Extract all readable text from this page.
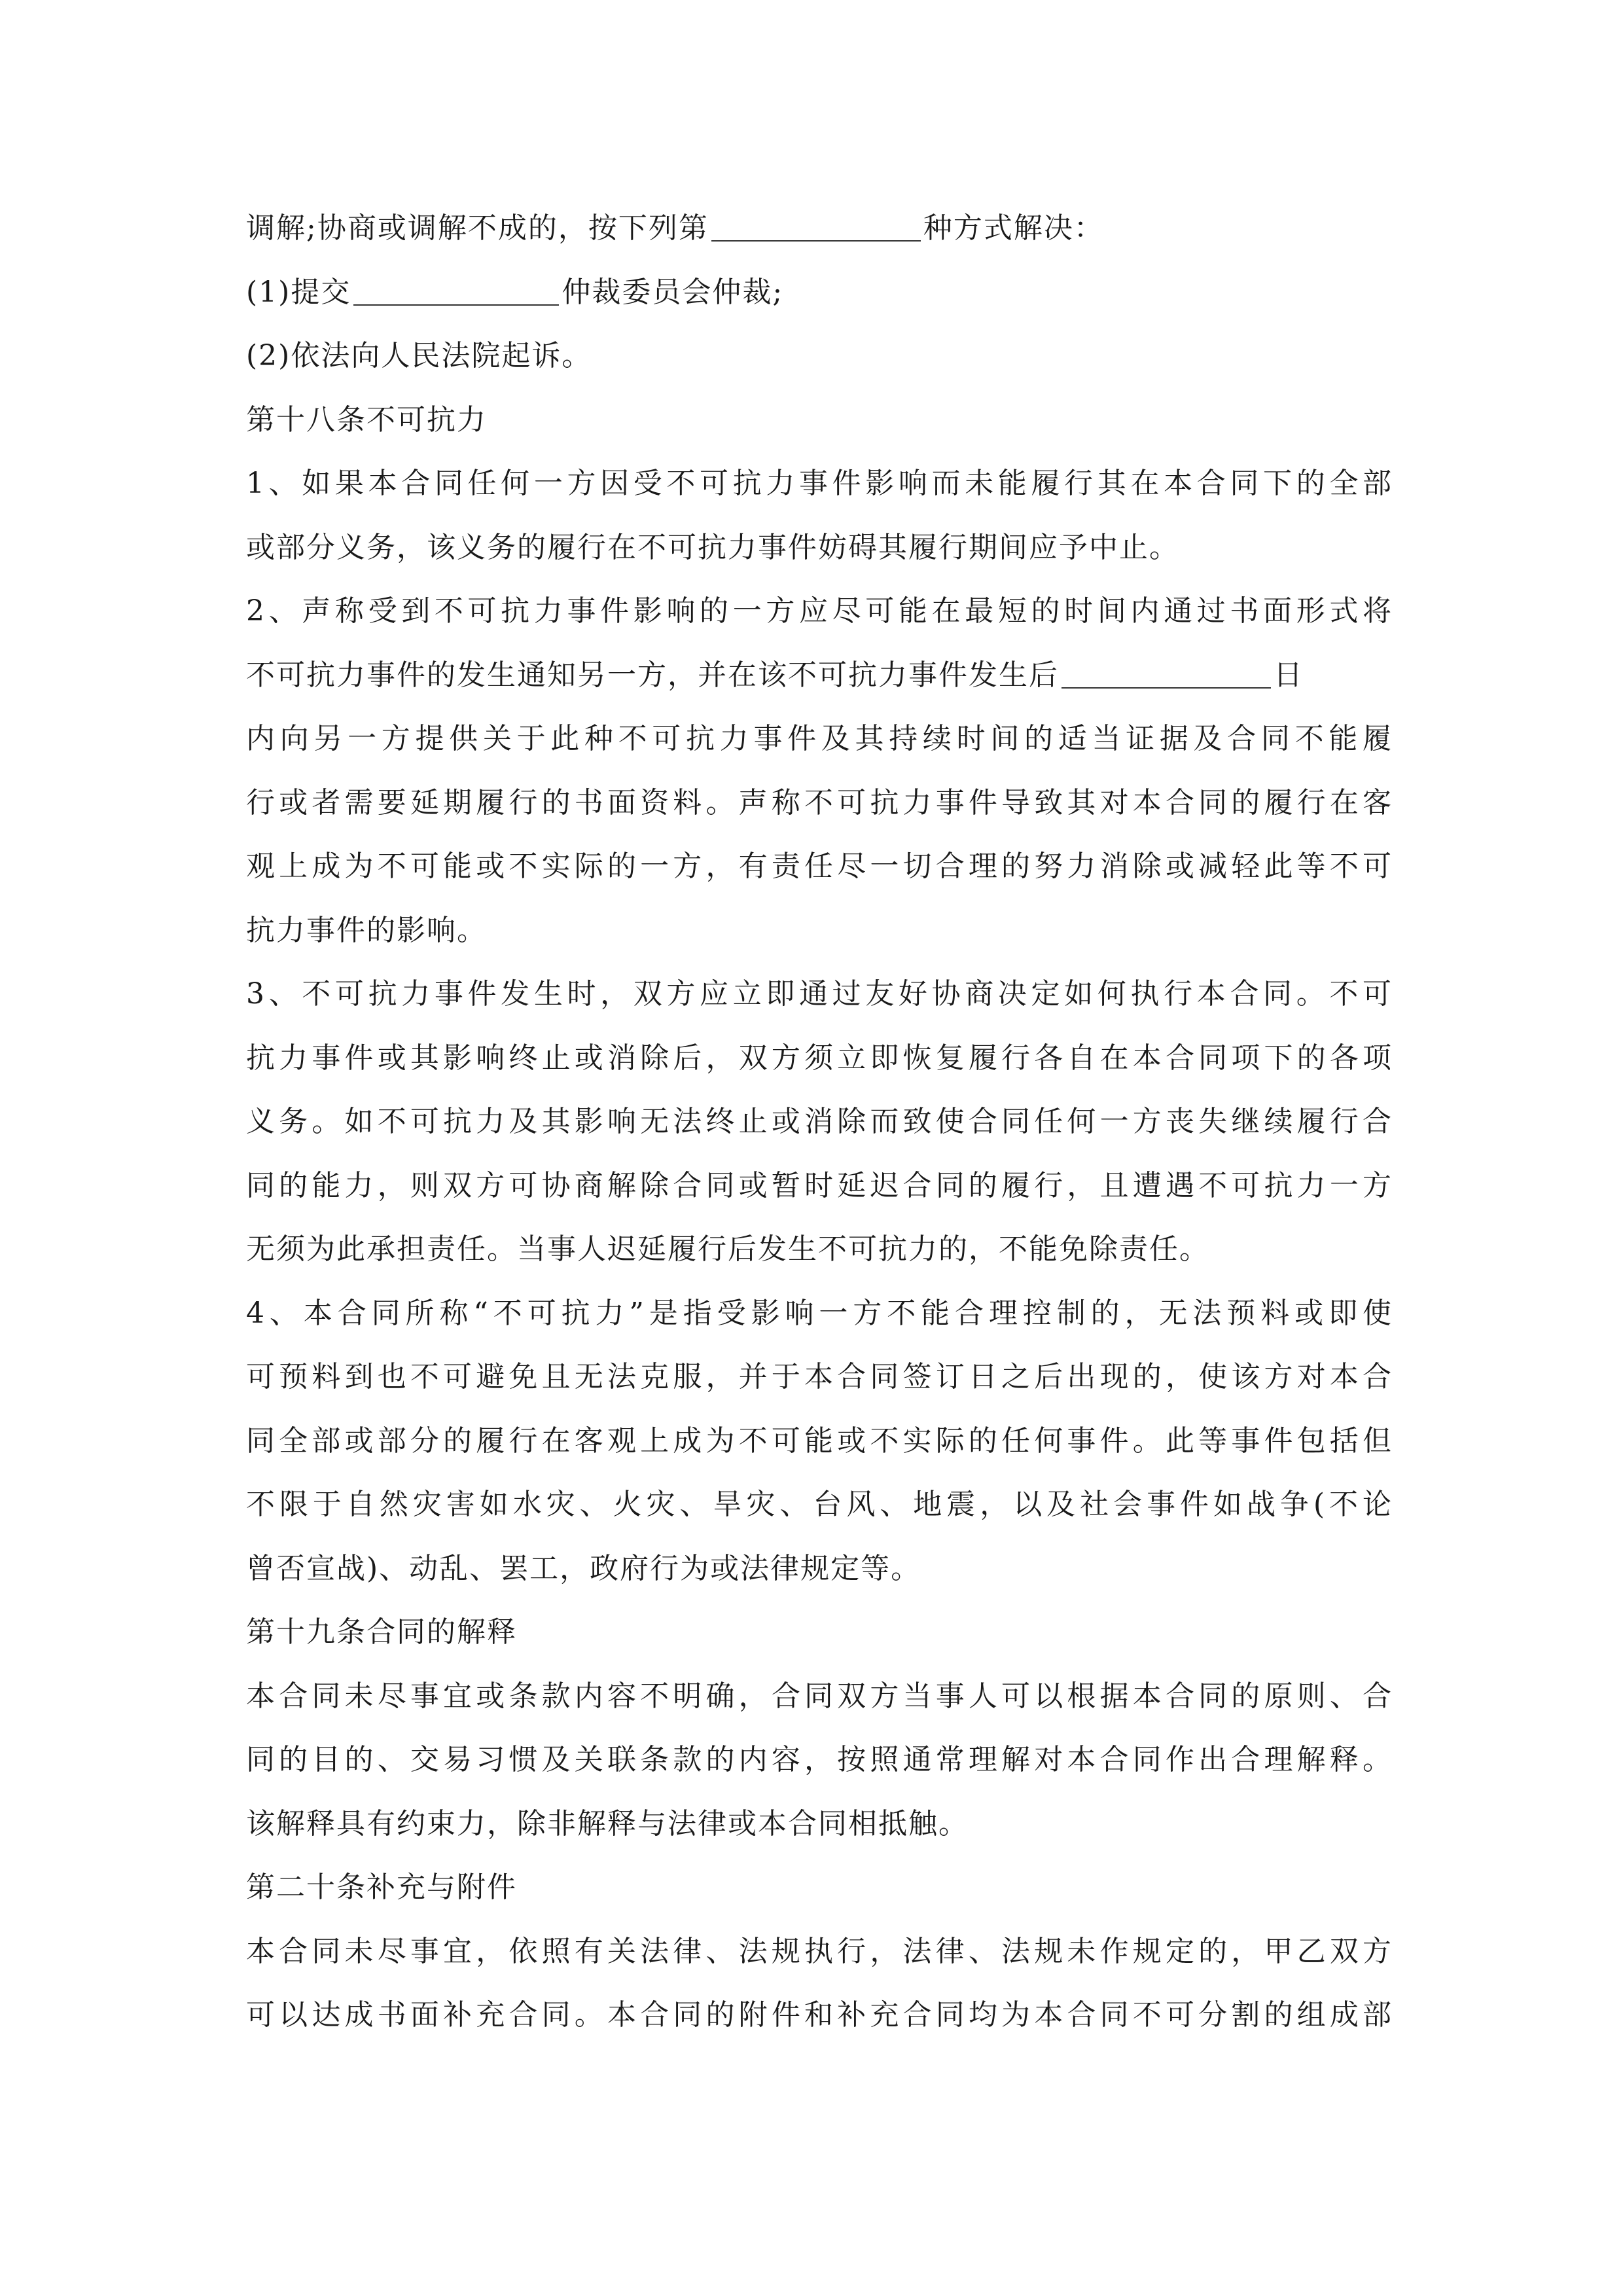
调解;协商或调解不成的，按下列第	种方式解决：
(1)提交	仲裁委员会仲裁;
(2)依法向人民法院起诉。
第十八条不可抗力
1、如果本合同任何一方因受不可抗力事件影响而未能履行其在本合同下的全部
或部分义务，该义务的履行在不可抗力事件妨碍其履行期间应予中止。
2、声称受到不可抗力事件影响的一方应尽可能在最短的时间内通过书面形式将
不可抗力事件的发生通知另一方，并在该不可抗力事件发生后	日
内向另一方提供关于此种不可抗力事件及其持续时间的适当证据及合同不能履
行或者需要延期履行的书面资料。声称不可抗力事件导致其对本合同的履行在客
观上成为不可能或不实际的一方，有责任尽一切合理的努力消除或减轻此等不可
抗力事件的影响。
3、不可抗力事件发生时，双方应立即通过友好协商决定如何执行本合同。不可
抗力事件或其影响终止或消除后，双方须立即恢复履行各自在本合同项下的各项
义务。如不可抗力及其影响无法终止或消除而致使合同任何一方丧失继续履行合
同的能力，则双方可协商解除合同或暂时延迟合同的履行，且遭遇不可抗力一方
无须为此承担责任。当事人迟延履行后发生不可抗力的，不能免除责任。
4、本合同所称“不可抗力”是指受影响一方不能合理控制的，无法预料或即使
可预料到也不可避免且无法克服，并于本合同签订日之后出现的，使该方对本合
同全部或部分的履行在客观上成为不可能或不实际的任何事件。此等事件包括但
不限于自然灾害如水灾、火灾、旱灾、台风、地震，以及社会事件如战争(不论
曾否宣战)、动乱、罢工，政府行为或法律规定等。
第十九条合同的解释
本合同未尽事宜或条款内容不明确，合同双方当事人可以根据本合同的原则、合
同的目的、交易习惯及关联条款的内容，按照通常理解对本合同作出合理解释。
该解释具有约束力，除非解释与法律或本合同相抵触。
第二十条补充与附件
本合同未尽事宜，依照有关法律、法规执行，法律、法规未作规定的，甲乙双方
可以达成书面补充合同。本合同的附件和补充合同均为本合同不可分割的组成部
